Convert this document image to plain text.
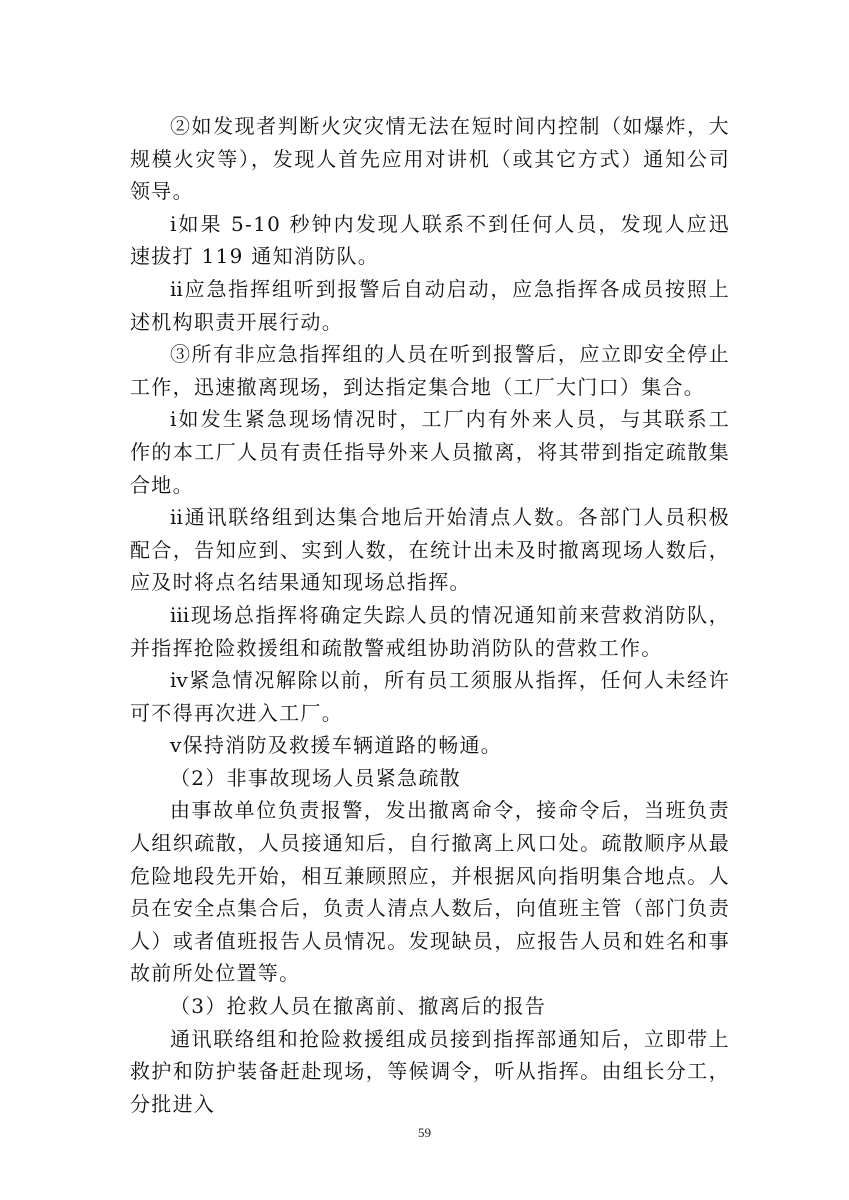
②如发现者判断火灾灾情无法在短时间内控制（如爆炸，大规模火灾等），发现人首先应用对讲机（或其它方式）通知公司领导。

ⅰ如果 5-10 秒钟内发现人联系不到任何人员，发现人应迅速拔打 119 通知消防队。

ⅱ应急指挥组听到报警后自动启动，应急指挥各成员按照上述机构职责开展行动。

③所有非应急指挥组的人员在听到报警后，应立即安全停止工作，迅速撤离现场，到达指定集合地（工厂大门口）集合。

ⅰ如发生紧急现场情况时，工厂内有外来人员，与其联系工作的本工厂人员有责任指导外来人员撤离，将其带到指定疏散集合地。

ⅱ通讯联络组到达集合地后开始清点人数。各部门人员积极配合，告知应到、实到人数，在统计出未及时撤离现场人数后，应及时将点名结果通知现场总指挥。

ⅲ现场总指挥将确定失踪人员的情况通知前来营救消防队，并指挥抢险救援组和疏散警戒组协助消防队的营救工作。

ⅳ紧急情况解除以前，所有员工须服从指挥，任何人未经许可不得再次进入工厂。

ⅴ保持消防及救援车辆道路的畅通。

（2）非事故现场人员紧急疏散

由事故单位负责报警，发出撤离命令，接命令后，当班负责人组织疏散，人员接通知后，自行撤离上风口处。疏散顺序从最危险地段先开始，相互兼顾照应，并根据风向指明集合地点。人员在安全点集合后，负责人清点人数后，向值班主管（部门负责人）或者值班报告人员情况。发现缺员，应报告人员和姓名和事故前所处位置等。

（3）抢救人员在撤离前、撤离后的报告

通讯联络组和抢险救援组成员接到指挥部通知后，立即带上救护和防护装备赶赴现场，等候调令，听从指挥。由组长分工，分批进入

59
